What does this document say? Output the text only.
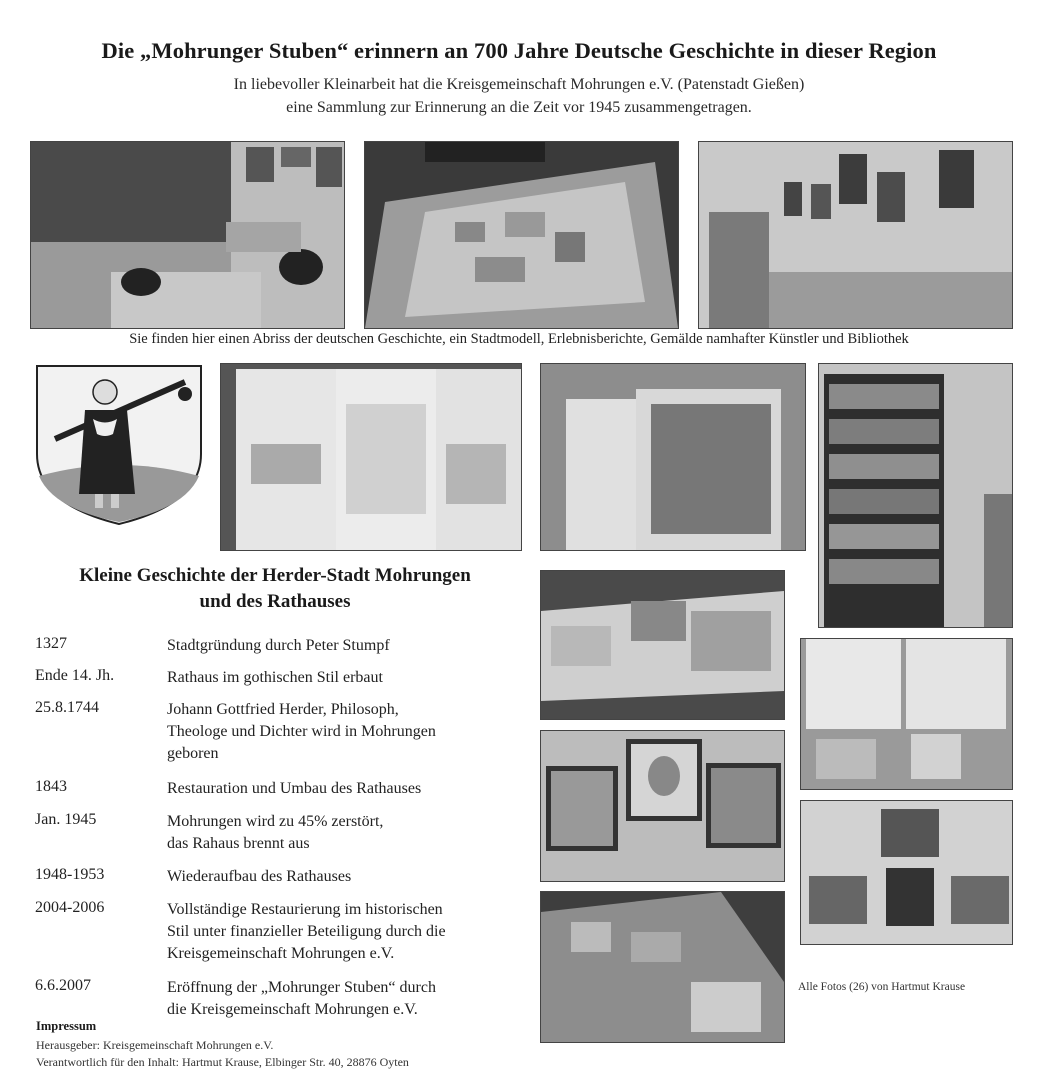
Die „Mohrunger Stuben“ erinnern an 700 Jahre Deutsche Geschichte in dieser Region
In liebevoller Kleinarbeit hat die Kreisgemeinschaft Mohrungen e.V. (Patenstadt Gießen)
eine Sammlung zur Erinnerung an die Zeit vor 1945 zusammengetragen.
Sie finden hier einen Abriss der deutschen Geschichte, ein Stadtmodell, Erlebnisberichte, Gemälde namhafter Künstler und Bibliothek
Kleine Geschichte der Herder-Stadt Mohrungen
und des Rathauses
1327	Stadtgründung durch Peter Stumpf
Ende 14. Jh.	Rathaus im gothischen Stil erbaut
25.8.1744	Johann Gottfried Herder, Philosoph,
Theologe und Dichter wird in Mohrungen
geboren
1843	Restauration und Umbau des Rathauses
Jan. 1945	Mohrungen wird zu 45% zerstört,
das Rahaus brennt aus
1948-1953	Wiederaufbau des Rathauses
2004-2006	Vollständige Restaurierung im historischen
Stil unter finanzieller Beteiligung durch die
Kreisgemeinschaft Mohrungen e.V.
6.6.2007	Eröffnung der „Mohrunger Stuben“ durch
die Kreisgemeinschaft Mohrungen e.V.
Alle Fotos (26) von Hartmut Krause
Impressum
Herausgeber: Kreisgemeinschaft Mohrungen e.V.
Verantwortlich für den Inhalt: Hartmut Krause, Elbinger Str. 40, 28876 Oyten
